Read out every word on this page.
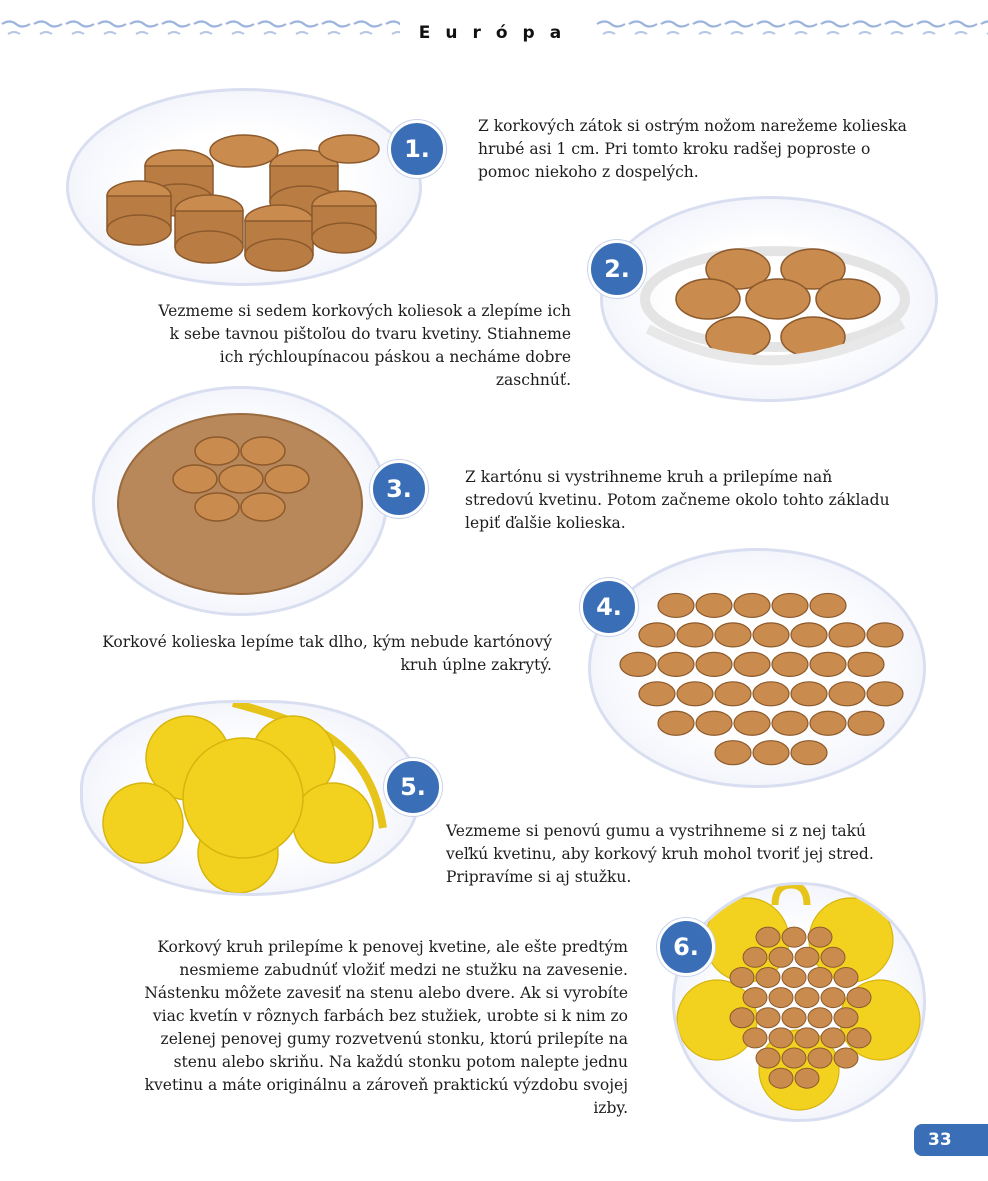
Európa
1.

Z korkových zátok si ostrým nožom narežeme kolieska hrubé asi 1 cm. Pri tomto kroku radšej poproste o pomoc niekoho z dospelých.

2.

Vezmeme si sedem korkových koliesok a zlepíme ich k sebe tavnou pištoľou do tvaru kvetiny. Stiahneme ich rýchloupínacou páskou a necháme dobre zaschnúť.

3.	Z kartónu si vystrihneme kruh a prilepíme naň stredovú kvetinu. Potom začneme okolo tohto základu lepiť ďalšie kolieska.

4.

Korkové kolieska lepíme tak dlho, kým nebude kartónový kruh úplne zakrytý.

5.

Vezmeme si penovú gumu a vystrihneme si z nej takú veľkú kvetinu, aby korkový kruh mohol tvoriť jej stred. Pripravíme si aj stužku.

6.

Korkový kruh prilepíme k penovej kvetine, ale ešte predtým nesmieme zabudnúť vložiť medzi ne stužku na zavesenie. Nástenku môžete zavesiť na stenu alebo dvere. Ak si vyrobíte viac kvetín v rôznych farbách bez stužiek, urobte si k nim zo zelenej penovej gumy rozvetvenú stonku, ktorú prilepíte na stenu alebo skriňu. Na každú stonku potom nalepte jednu kvetinu a máte originálnu a zároveň praktickú výzdobu svojej izby.

33
